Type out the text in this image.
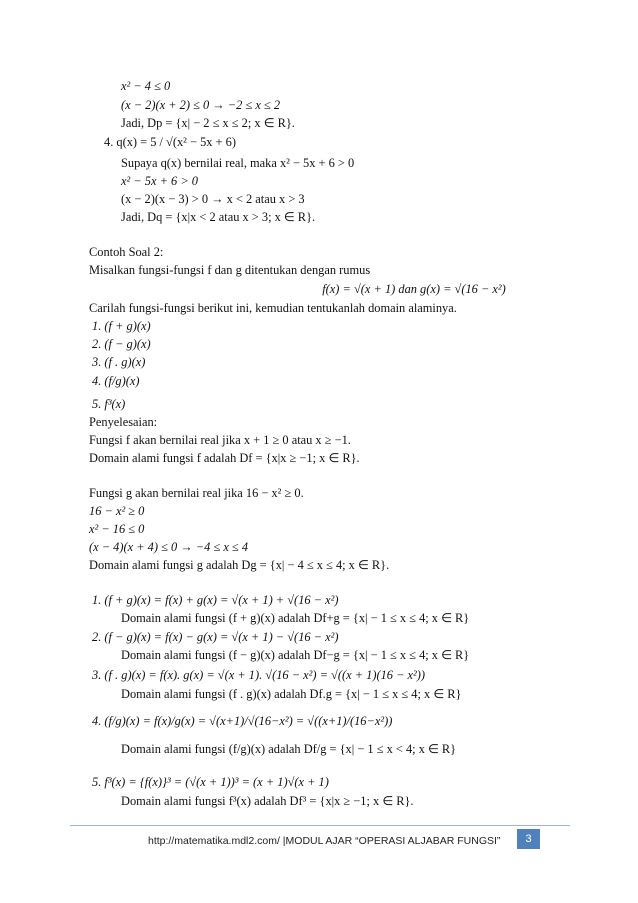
x² − 4 ≤ 0
(x − 2)(x + 2) ≤ 0 → −2 ≤ x ≤ 2
Jadi, Dp = {x| − 2 ≤ x ≤ 2; x ∈ R}.
4. q(x) = 5 / √(x² − 5x + 6)
Supaya q(x) bernilai real, maka x² − 5x + 6 > 0
x² − 5x + 6 > 0
(x − 2)(x − 3) > 0 → x < 2 atau x > 3
Jadi, Dq = {x|x < 2 atau x > 3; x ∈ R}.
Contoh Soal 2:
Misalkan fungsi-fungsi f dan g ditentukan dengan rumus
f(x) = √(x + 1) dan g(x) = √(16 − x²)
Carilah fungsi-fungsi berikut ini, kemudian tentukanlah domain alaminya.
1. (f + g)(x)
2. (f − g)(x)
3. (f . g)(x)
4. (f/g)(x)
5. f³(x)
Penyelesaian:
Fungsi f akan bernilai real jika x + 1 ≥ 0 atau x ≥ −1.
Domain alami fungsi f adalah Df = {x|x ≥ −1; x ∈ R}.
Fungsi g akan bernilai real jika 16 − x² ≥ 0.
16 − x² ≥ 0
x² − 16 ≤ 0
(x − 4)(x + 4) ≤ 0 → −4 ≤ x ≤ 4
Domain alami fungsi g adalah Dg = {x| − 4 ≤ x ≤ 4; x ∈ R}.
1. (f + g)(x) = f(x) + g(x) = √(x + 1) + √(16 − x²)
Domain alami fungsi (f + g)(x) adalah Df+g = {x| − 1 ≤ x ≤ 4; x ∈ R}
2. (f − g)(x) = f(x) − g(x) = √(x + 1) − √(16 − x²)
Domain alami fungsi (f − g)(x) adalah Df−g = {x| − 1 ≤ x ≤ 4; x ∈ R}
3. (f . g)(x) = f(x). g(x) = √(x + 1). √(16 − x²) = √((x + 1)(16 − x²))
Domain alami fungsi (f . g)(x) adalah Df.g = {x| − 1 ≤ x ≤ 4; x ∈ R}
4. (f/g)(x) = f(x)/g(x) = √(x+1)/√(16−x²) = √((x+1)/(16−x²))
Domain alami fungsi (f/g)(x) adalah Df/g = {x| − 1 ≤ x < 4; x ∈ R}
5. f³(x) = {f(x)}³ = (√(x + 1))³ = (x + 1)√(x + 1)
Domain alami fungsi f³(x) adalah Df³ = {x|x ≥ −1; x ∈ R}.
http://matematika.mdl2.com/ |MODUL AJAR “OPERASI ALJABAR FUNGSI”	3
